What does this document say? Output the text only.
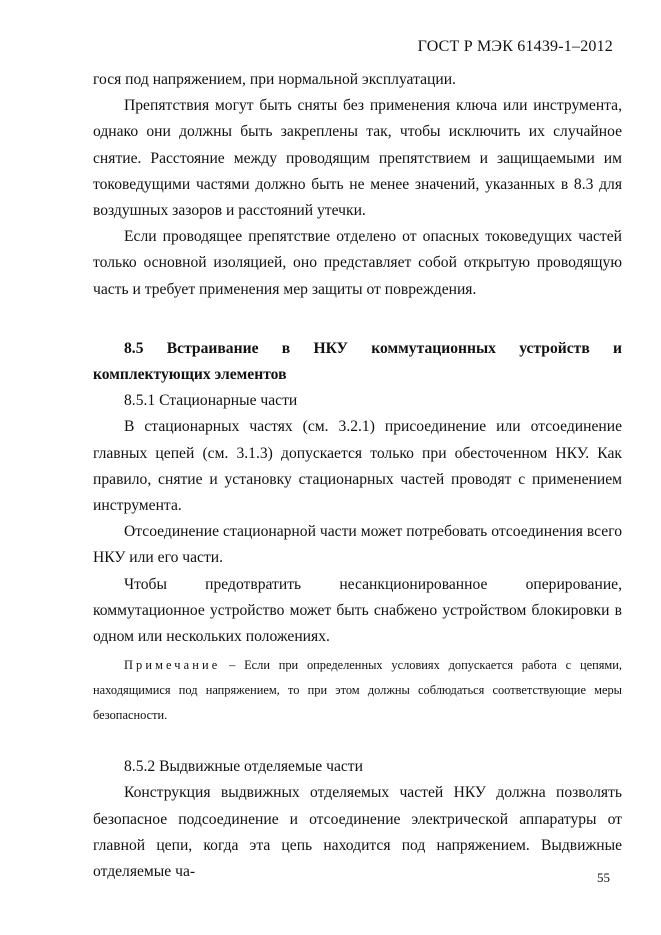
ГОСТ Р МЭК 61439-1–2012

гося под напряжением, при нормальной эксплуатации.

Препятствия могут быть сняты без применения ключа или инструмента, однако они должны быть закреплены так, чтобы исключить их случайное снятие. Расстояние между проводящим препятствием и защищаемыми им токоведущими частями должно быть не менее значений, указанных в 8.3 для воздушных зазоров и расстояний утечки.

Если проводящее препятствие отделено от опасных токоведущих частей только основной изоляцией, оно представляет собой открытую проводящую часть и требует применения мер защиты от повреждения.

8.5 Встраивание в НКУ коммутационных устройств и комплектующих элементов

8.5.1 Стационарные части

В стационарных частях (см. 3.2.1) присоединение или отсоединение главных цепей (см. 3.1.3) допускается только при обесточенном НКУ. Как правило, снятие и установку стационарных частей проводят с применением инструмента.

Отсоединение стационарной части может потребовать отсоединения всего НКУ или его части.

Чтобы предотвратить несанкционированное оперирование, коммутационное устройство может быть снабжено устройством блокировки в одном или нескольких положениях.

Примечание – Если при определенных условиях допускается работа с цепями, находящимися под напряжением, то при этом должны соблюдаться соответствующие меры безопасности.

8.5.2 Выдвижные отделяемые части

Конструкция выдвижных отделяемых частей НКУ должна позволять безопасное подсоединение и отсоединение электрической аппаратуры от главной цепи, когда эта цепь находится под напряжением. Выдвижные отделяемые ча-	55
